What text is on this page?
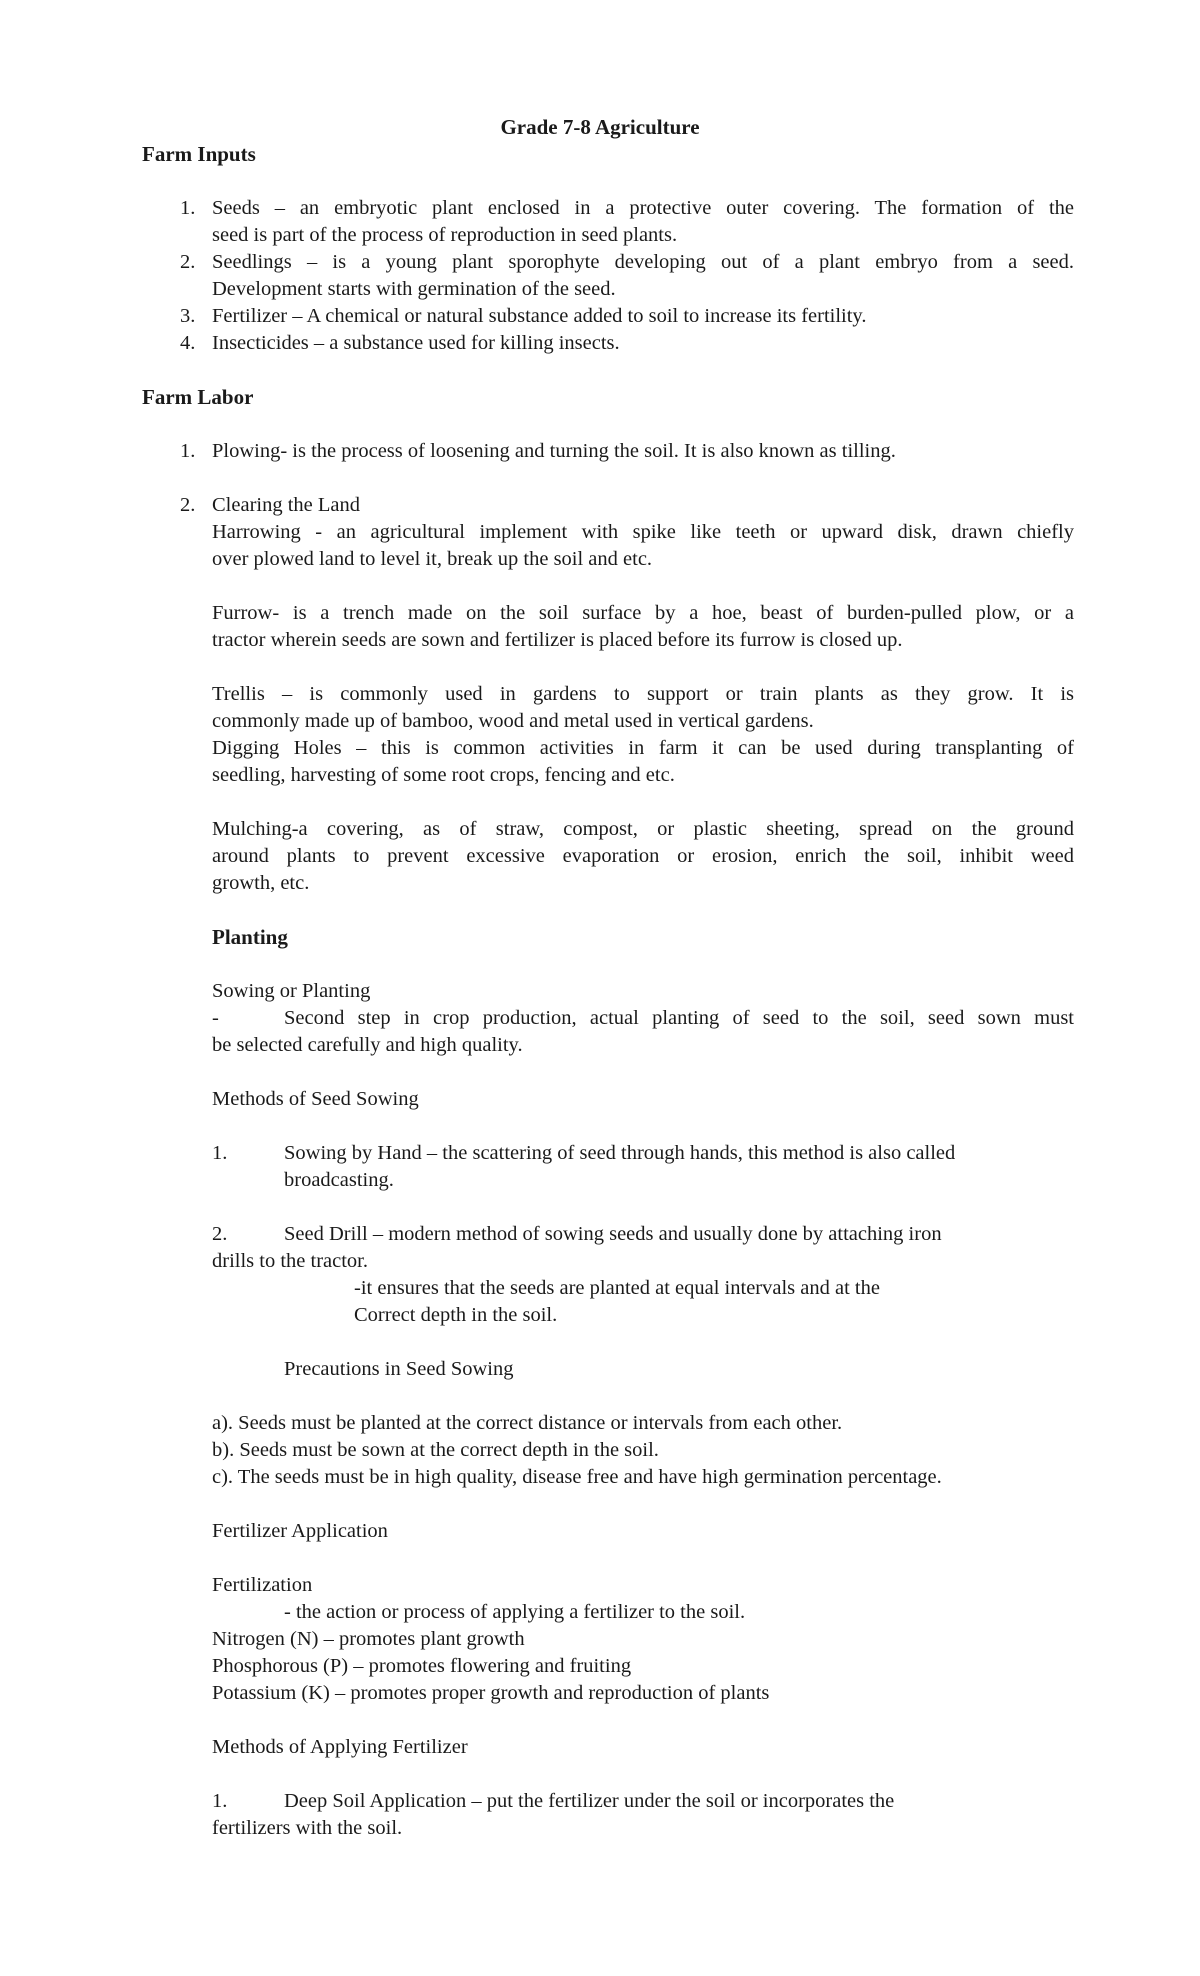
Grade 7-8 Agriculture
Farm Inputs
1. Seeds – an embryotic plant enclosed in a protective outer covering. The formation of the
seed is part of the process of reproduction in seed plants.
2. Seedlings – is a young plant sporophyte developing out of a plant embryo from a seed.
Development starts with germination of the seed.
3. Fertilizer – A chemical or natural substance added to soil to increase its fertility.
4. Insecticides – a substance used for killing insects.
Farm Labor
1. Plowing- is the process of loosening and turning the soil. It is also known as tilling.
2. Clearing the Land
Harrowing - an agricultural implement with spike like teeth or upward disk, drawn chiefly
over plowed land to level it, break up the soil and etc.
Furrow- is a trench made on the soil surface by a hoe, beast of burden-pulled plow, or a
tractor wherein seeds are sown and fertilizer is placed before its furrow is closed up.
Trellis – is commonly used in gardens to support or train plants as they grow. It is
commonly made up of bamboo, wood and metal used in vertical gardens.
Digging Holes – this is common activities in farm it can be used during transplanting of
seedling, harvesting of some root crops, fencing and etc.
Mulching-a covering, as of straw, compost, or plastic sheeting, spread on the ground
around plants to prevent excessive evaporation or erosion, enrich the soil, inhibit weed
growth, etc.
Planting
Sowing or Planting
-	Second step in crop production, actual planting of seed to the soil, seed sown must
be selected carefully and high quality.
Methods of Seed Sowing
1.	Sowing by Hand – the scattering of seed through hands, this method is also called
broadcasting.
2.	Seed Drill – modern method of sowing seeds and usually done by attaching iron
drills to the tractor.
-it ensures that the seeds are planted at equal intervals and at the
Correct depth in the soil.
Precautions in Seed Sowing
a). Seeds must be planted at the correct distance or intervals from each other.
b). Seeds must be sown at the correct depth in the soil.
c). The seeds must be in high quality, disease free and have high germination percentage.
Fertilizer Application
Fertilization
- the action or process of applying a fertilizer to the soil.
Nitrogen (N) – promotes plant growth
Phosphorous (P) – promotes flowering and fruiting
Potassium (K) – promotes proper growth and reproduction of plants
Methods of Applying Fertilizer
1.	Deep Soil Application – put the fertilizer under the soil or incorporates the
fertilizers with the soil.
